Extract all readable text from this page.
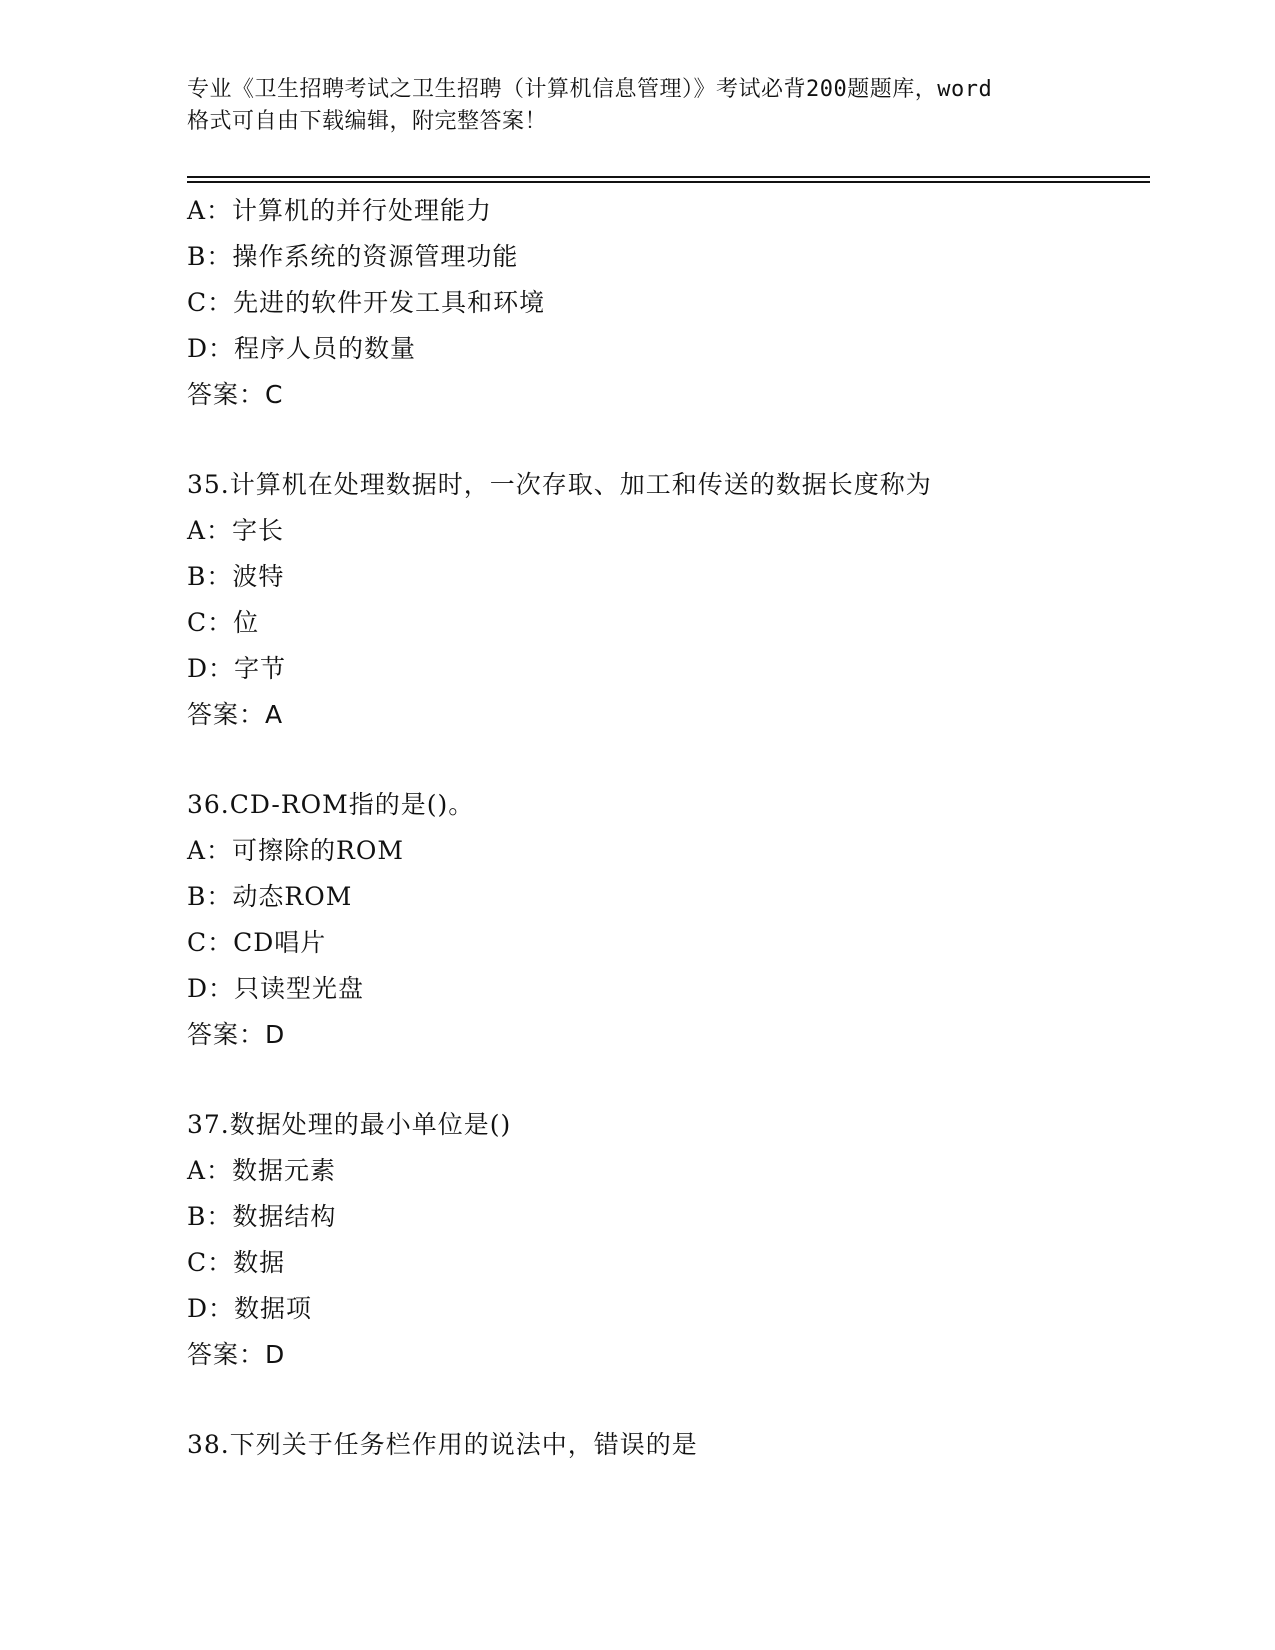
专业《卫生招聘考试之卫生招聘（计算机信息管理）》考试必背200题题库，word
格式可自由下载编辑，附完整答案！
A：计算机的并行处理能力
B：操作系统的资源管理功能
C：先进的软件开发工具和环境
D：程序人员的数量
答案：C
35.计算机在处理数据时，一次存取、加工和传送的数据长度称为
A：字长
B：波特
C：位
D：字节
答案：A
36.CD-ROM指的是()。
A：可擦除的ROM
B：动态ROM
C：CD唱片
D：只读型光盘
答案：D
37.数据处理的最小单位是()
A：数据元素
B：数据结构
C：数据
D：数据项
答案：D
38.下列关于任务栏作用的说法中，错误的是
